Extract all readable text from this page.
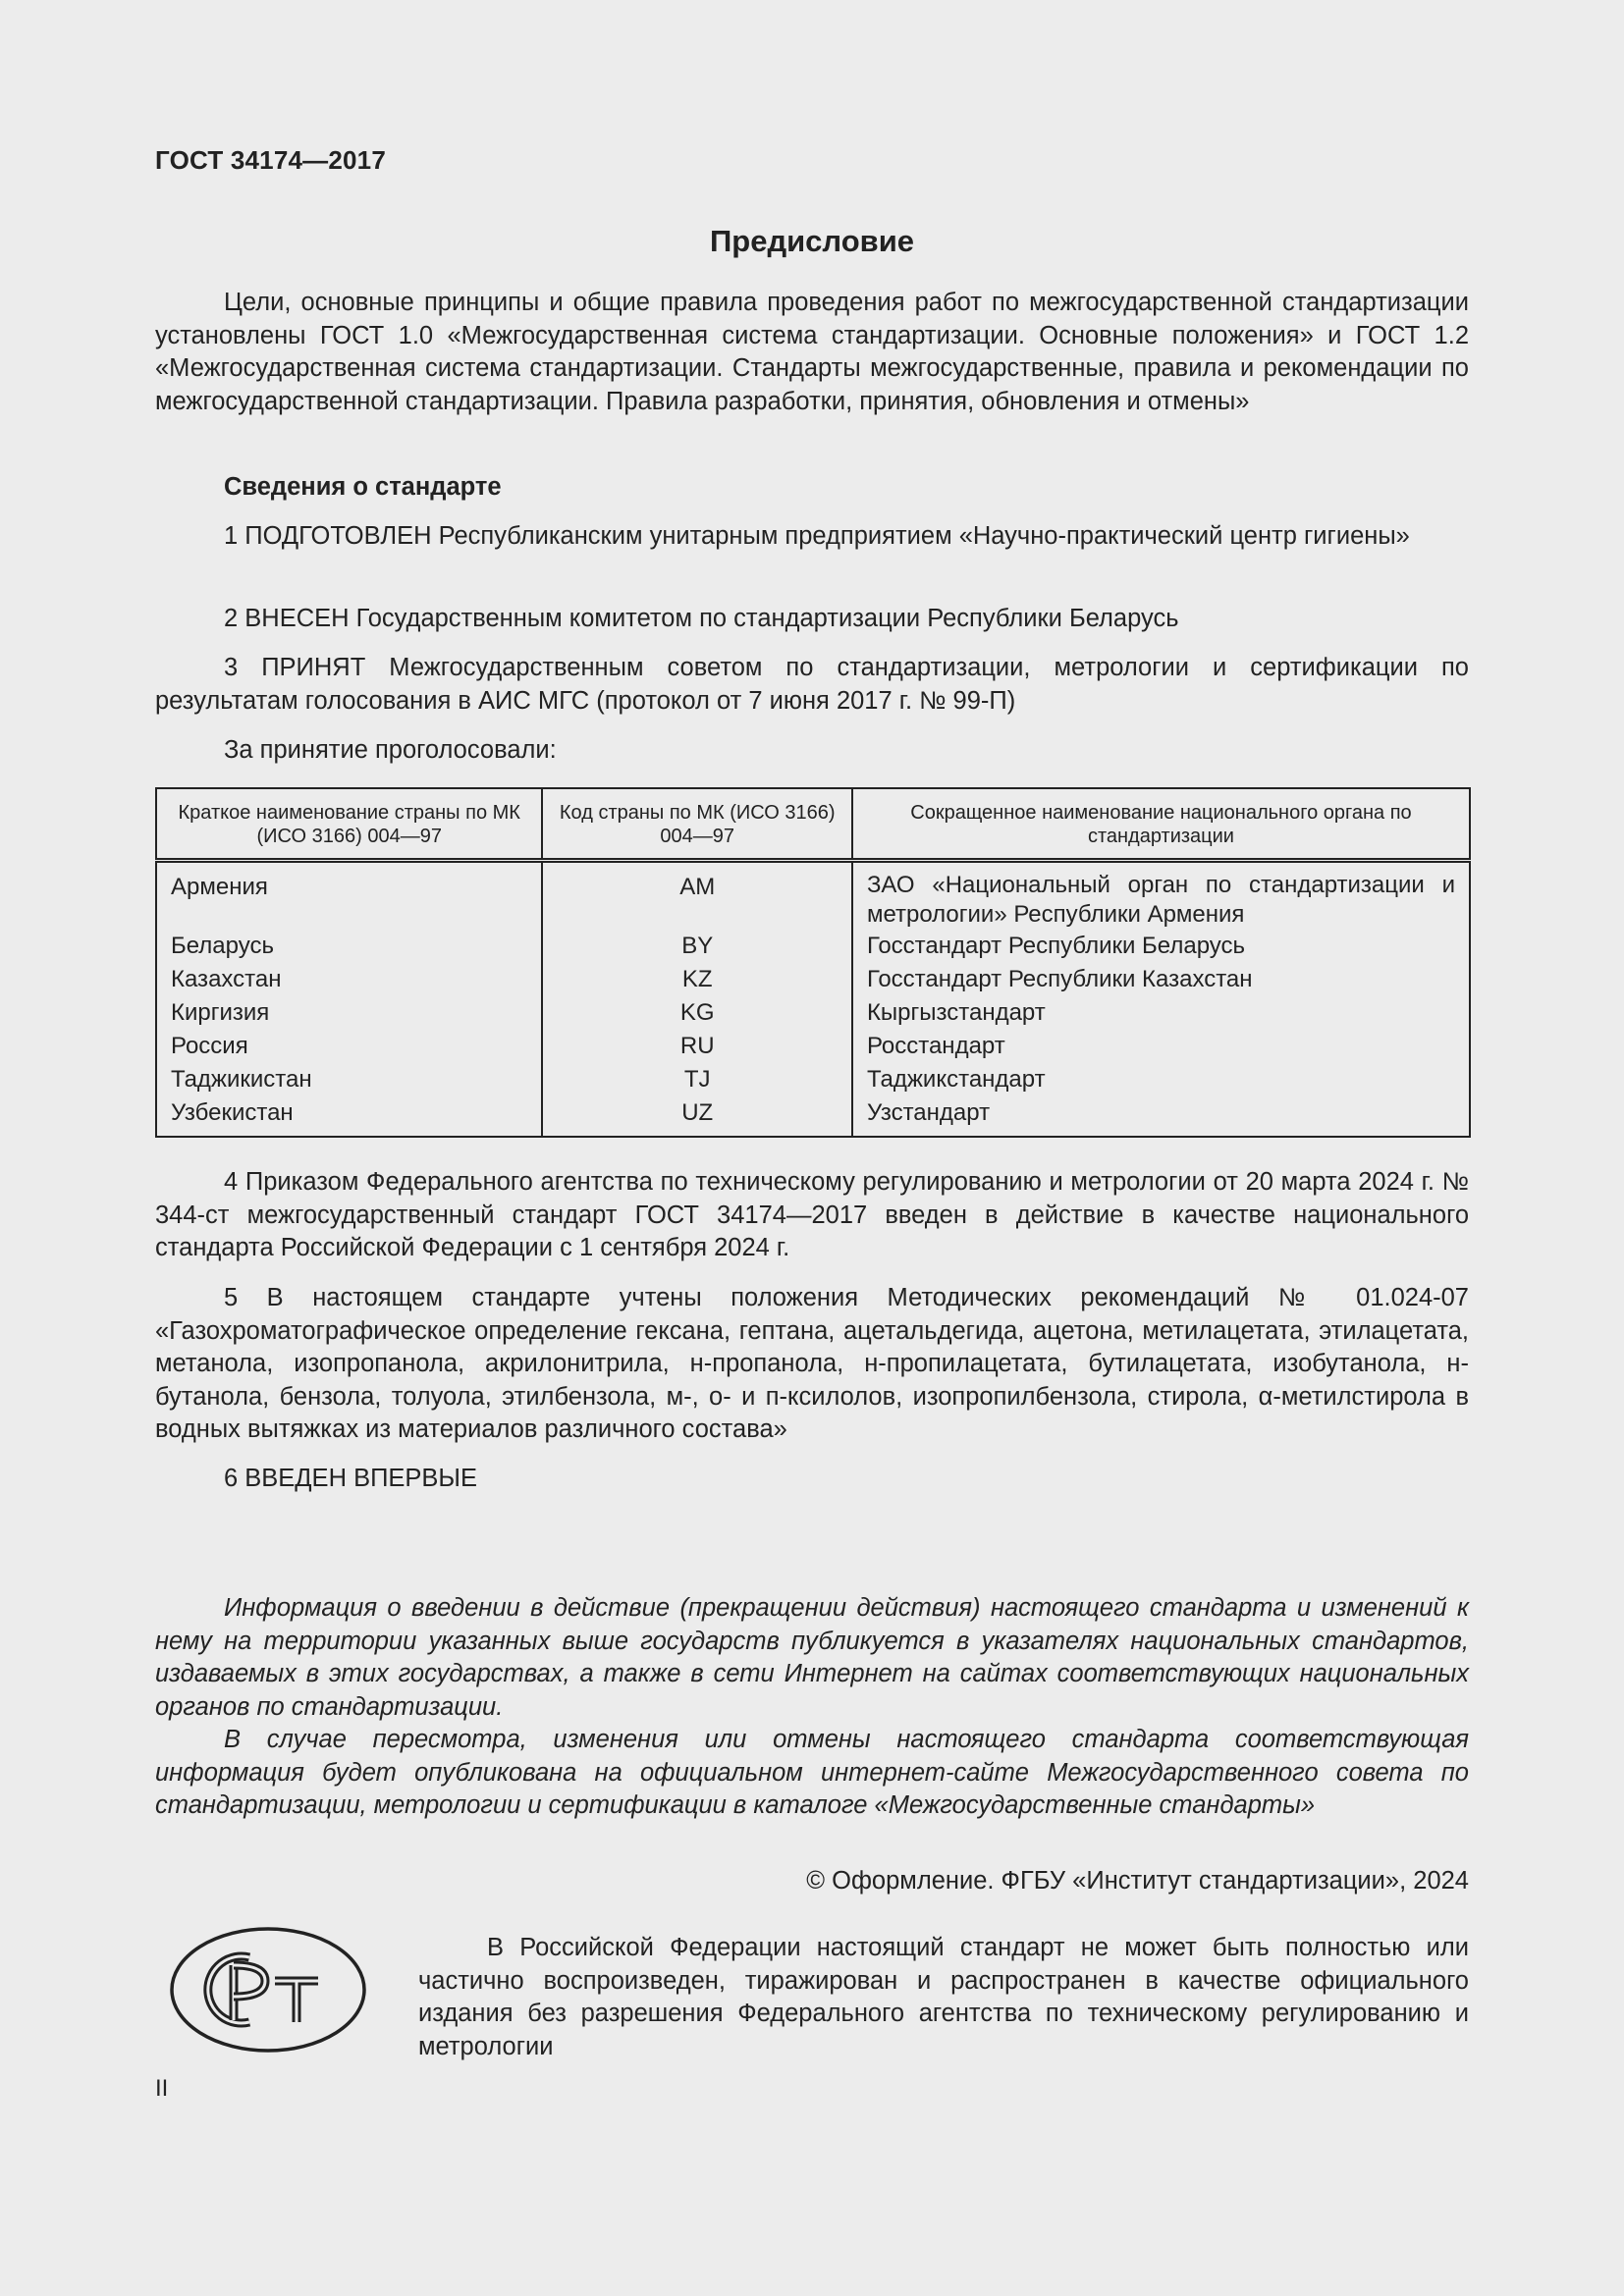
ГОСТ 34174—2017
Предисловие
Цели, основные принципы и общие правила проведения работ по межгосударственной стандартизации установлены ГОСТ 1.0 «Межгосударственная система стандартизации. Основные положения» и ГОСТ 1.2 «Межгосударственная система стандартизации. Стандарты межгосударственные, правила и рекомендации по межгосударственной стандартизации. Правила разработки, принятия, обновления и отмены»
Сведения о стандарте
1 ПОДГОТОВЛЕН Республиканским унитарным предприятием «Научно-практический центр гигиены»
2 ВНЕСЕН Государственным комитетом по стандартизации Республики Беларусь
3 ПРИНЯТ Межгосударственным советом по стандартизации, метрологии и сертификации по результатам голосования в АИС МГС (протокол от 7 июня 2017 г. № 99-П)
За принятие проголосовали:
Краткое наименование страны по МК (ИСО 3166) 004—97	Код страны по МК (ИСО 3166) 004—97	Сокращенное наименование национального органа по стандартизации
Армения	AM	ЗАО «Национальный орган по стандартизации и метрологии» Республики Армения
Беларусь	BY	Госстандарт Республики Беларусь
Казахстан	KZ	Госстандарт Республики Казахстан
Киргизия	KG	Кыргызстандарт
Россия	RU	Росстандарт
Таджикистан	TJ	Таджикстандарт
Узбекистан	UZ	Узстандарт
4 Приказом Федерального агентства по техническому регулированию и метрологии от 20 марта 2024 г. № 344-ст межгосударственный стандарт ГОСТ 34174—2017 введен в действие в качестве национального стандарта Российской Федерации с 1 сентября 2024 г.
5 В настоящем стандарте учтены положения Методических рекомендаций № 01.024-07 «Газохроматографическое определение гексана, гептана, ацетальдегида, ацетона, метилацетата, этилацетата, метанола, изопропанола, акрилонитрила, н-пропанола, н-пропилацетата, бутилацетата, изобутанола, н-бутанола, бензола, толуола, этилбензола, м-, о- и п-ксилолов, изопропилбензола, стирола, α-метилстирола в водных вытяжках из материалов различного состава»
6 ВВЕДЕН ВПЕРВЫЕ
Информация о введении в действие (прекращении действия) настоящего стандарта и изменений к нему на территории указанных выше государств публикуется в указателях национальных стандартов, издаваемых в этих государствах, а также в сети Интернет на сайтах соответствующих национальных органов по стандартизации.
В случае пересмотра, изменения или отмены настоящего стандарта соответствующая информация будет опубликована на официальном интернет-сайте Межгосударственного совета по стандартизации, метрологии и сертификации в каталоге «Межгосударственные стандарты»
© Оформление. ФГБУ «Институт стандартизации», 2024
В Российской Федерации настоящий стандарт не может быть полностью или частично воспроизведен, тиражирован и распространен в качестве официального издания без разрешения Федерального агентства по техническому регулированию и метрологии
II
